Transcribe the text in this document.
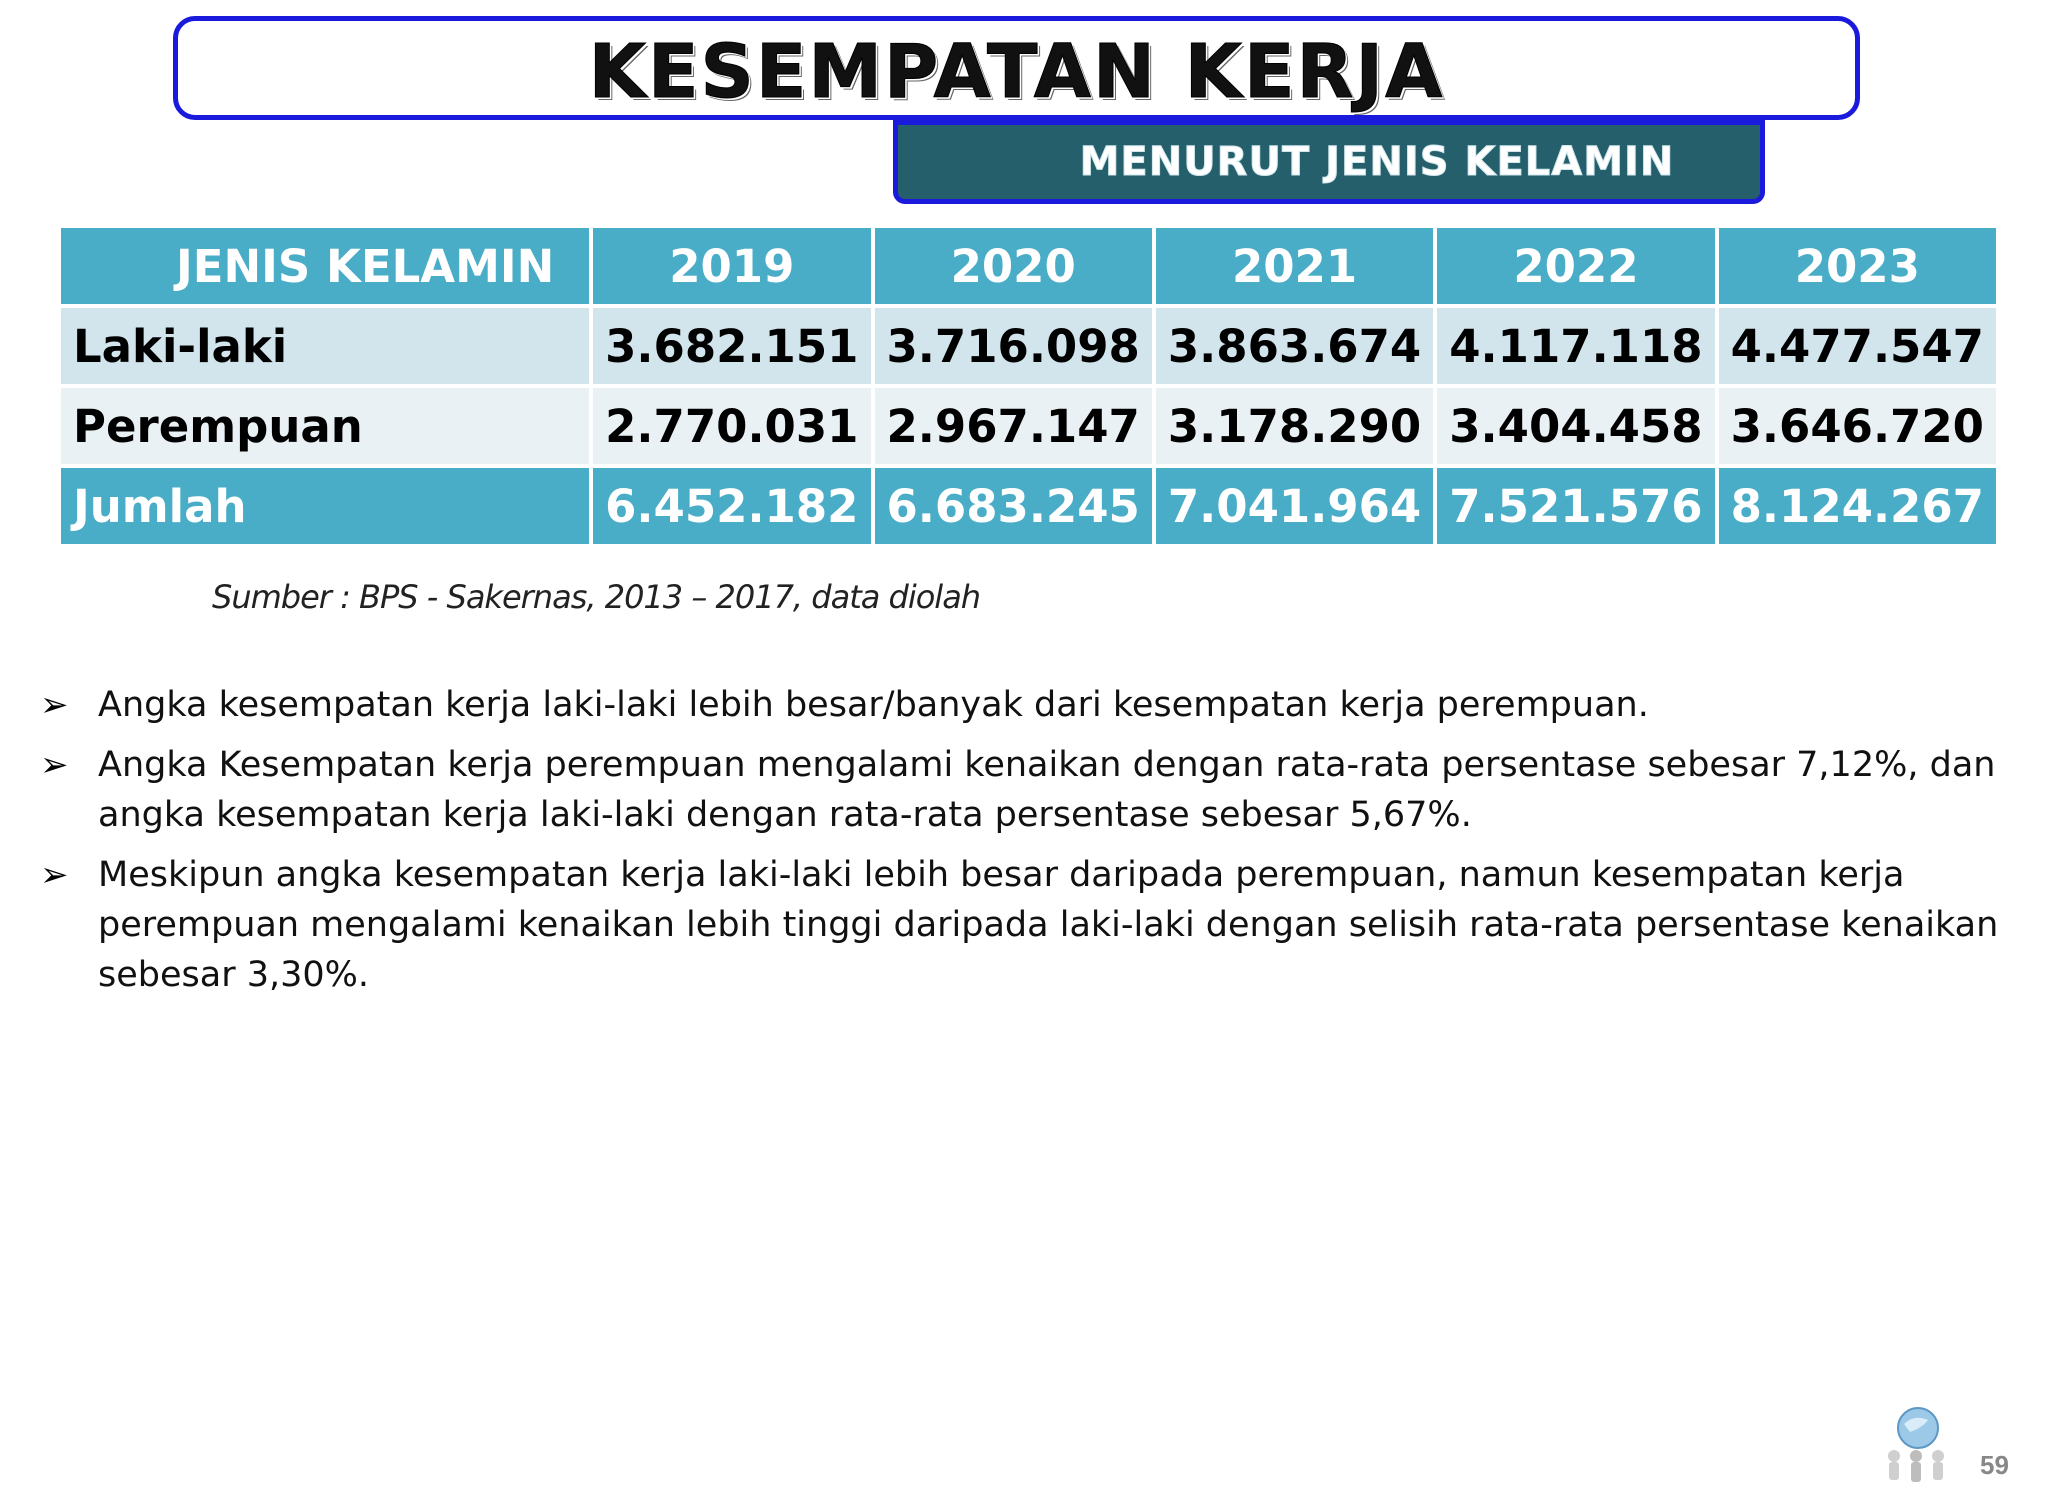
KESEMPATAN KERJA
MENURUT JENIS KELAMIN
JENIS KELAMIN	2019	2020	2021	2022	2023
Laki-laki	3.682.151	3.716.098	3.863.674	4.117.118	4.477.547
Perempuan	2.770.031	2.967.147	3.178.290	3.404.458	3.646.720
Jumlah	6.452.182	6.683.245	7.041.964	7.521.576	8.124.267
Sumber : BPS - Sakernas, 2013 – 2017, data diolah
➢ Angka kesempatan kerja laki-laki lebih besar/banyak dari kesempatan kerja perempuan.
➢ Angka Kesempatan kerja perempuan mengalami kenaikan dengan rata-rata persentase sebesar 7,12%, dan angka kesempatan kerja laki-laki dengan rata-rata persentase sebesar 5,67%.
➢ Meskipun angka kesempatan kerja laki-laki lebih besar daripada perempuan, namun kesempatan kerja perempuan mengalami kenaikan lebih tinggi daripada laki-laki dengan selisih rata-rata persentase kenaikan sebesar 3,30%.
59
